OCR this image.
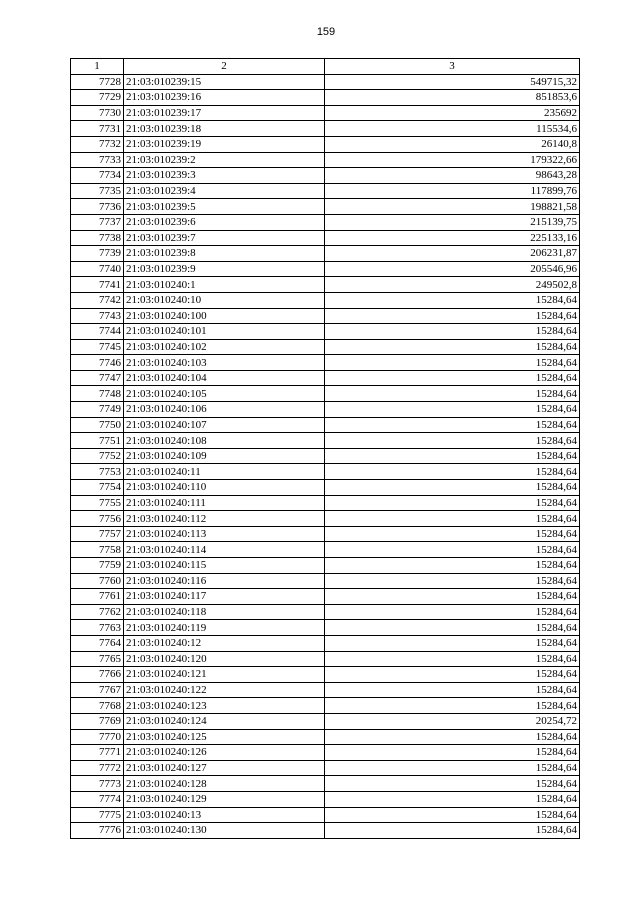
159
1	2	3
7728	21:03:010239:15	549715,32
7729	21:03:010239:16	851853,6
7730	21:03:010239:17	235692
7731	21:03:010239:18	115534,6
7732	21:03:010239:19	26140,8
7733	21:03:010239:2	179322,66
7734	21:03:010239:3	98643,28
7735	21:03:010239:4	117899,76
7736	21:03:010239:5	198821,58
7737	21:03:010239:6	215139,75
7738	21:03:010239:7	225133,16
7739	21:03:010239:8	206231,87
7740	21:03:010239:9	205546,96
7741	21:03:010240:1	249502,8
7742	21:03:010240:10	15284,64
7743	21:03:010240:100	15284,64
7744	21:03:010240:101	15284,64
7745	21:03:010240:102	15284,64
7746	21:03:010240:103	15284,64
7747	21:03:010240:104	15284,64
7748	21:03:010240:105	15284,64
7749	21:03:010240:106	15284,64
7750	21:03:010240:107	15284,64
7751	21:03:010240:108	15284,64
7752	21:03:010240:109	15284,64
7753	21:03:010240:11	15284,64
7754	21:03:010240:110	15284,64
7755	21:03:010240:111	15284,64
7756	21:03:010240:112	15284,64
7757	21:03:010240:113	15284,64
7758	21:03:010240:114	15284,64
7759	21:03:010240:115	15284,64
7760	21:03:010240:116	15284,64
7761	21:03:010240:117	15284,64
7762	21:03:010240:118	15284,64
7763	21:03:010240:119	15284,64
7764	21:03:010240:12	15284,64
7765	21:03:010240:120	15284,64
7766	21:03:010240:121	15284,64
7767	21:03:010240:122	15284,64
7768	21:03:010240:123	15284,64
7769	21:03:010240:124	20254,72
7770	21:03:010240:125	15284,64
7771	21:03:010240:126	15284,64
7772	21:03:010240:127	15284,64
7773	21:03:010240:128	15284,64
7774	21:03:010240:129	15284,64
7775	21:03:010240:13	15284,64
7776	21:03:010240:130	15284,64
